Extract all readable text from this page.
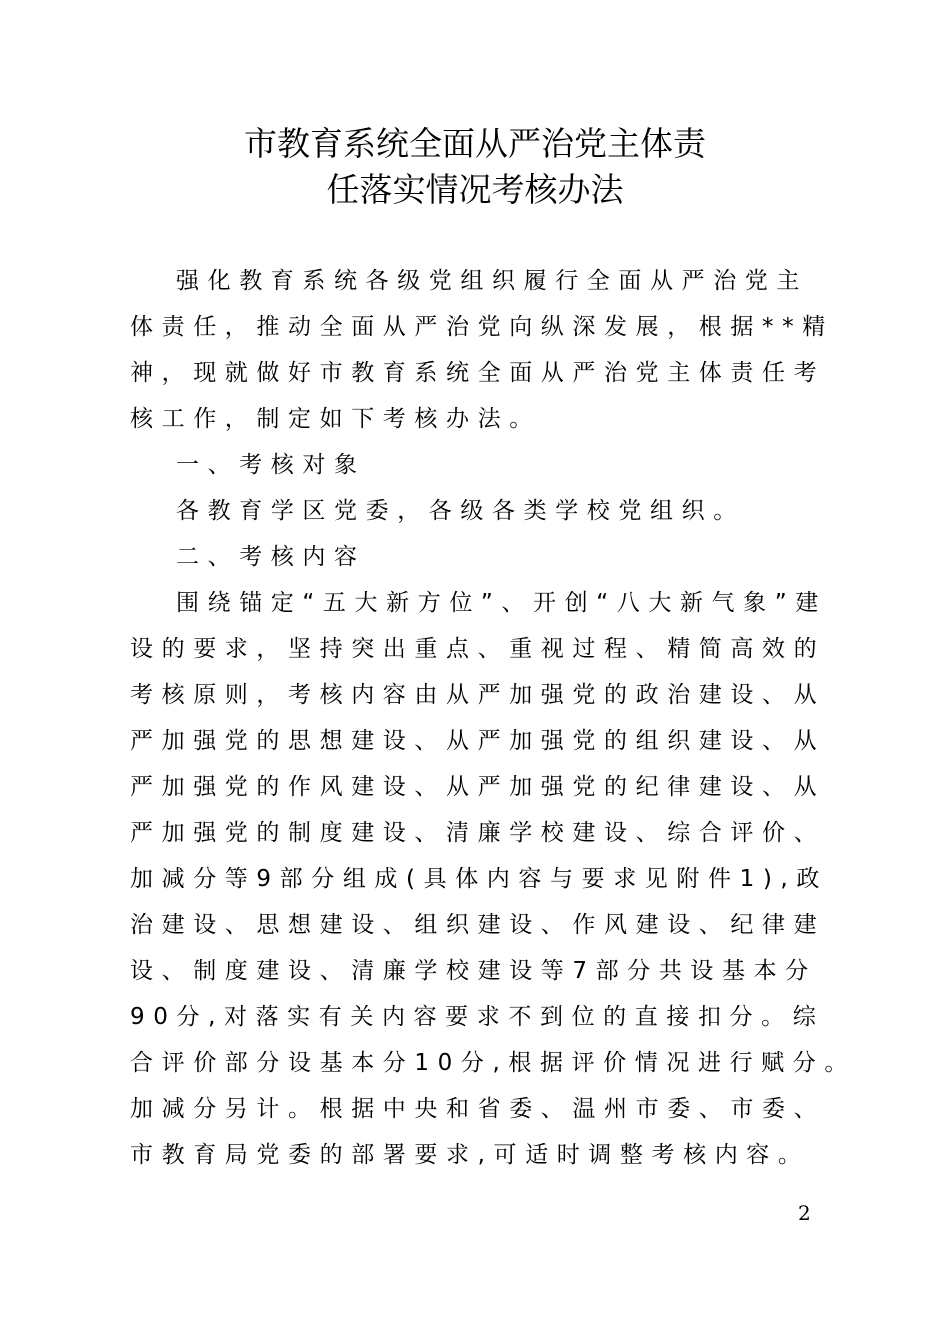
市教育系统全面从严治党主体责
任落实情况考核办法
强化教育系统各级党组织履行全面从严治党主
体责任，推动全面从严治党向纵深发展，根据**精
神，现就做好市教育系统全面从严治党主体责任考
核工作，制定如下考核办法。
一、考核对象
各教育学区党委，各级各类学校党组织。
二、考核内容
围绕锚定“五大新方位”、开创“八大新气象”建
设的要求，坚持突出重点、重视过程、精简高效的
考核原则，考核内容由从严加强党的政治建设、从
严加强党的思想建设、从严加强党的组织建设、从
严加强党的作风建设、从严加强党的纪律建设、从
严加强党的制度建设、清廉学校建设、综合评价、
加减分等9部分组成(具体内容与要求见附件1),政
治建设、思想建设、组织建设、作风建设、纪律建
设、制度建设、清廉学校建设等7部分共设基本分
90分,对落实有关内容要求不到位的直接扣分。综
合评价部分设基本分10分,根据评价情况进行赋分。
加减分另计。根据中央和省委、温州市委、市委、
市教育局党委的部署要求,可适时调整考核内容。
2
